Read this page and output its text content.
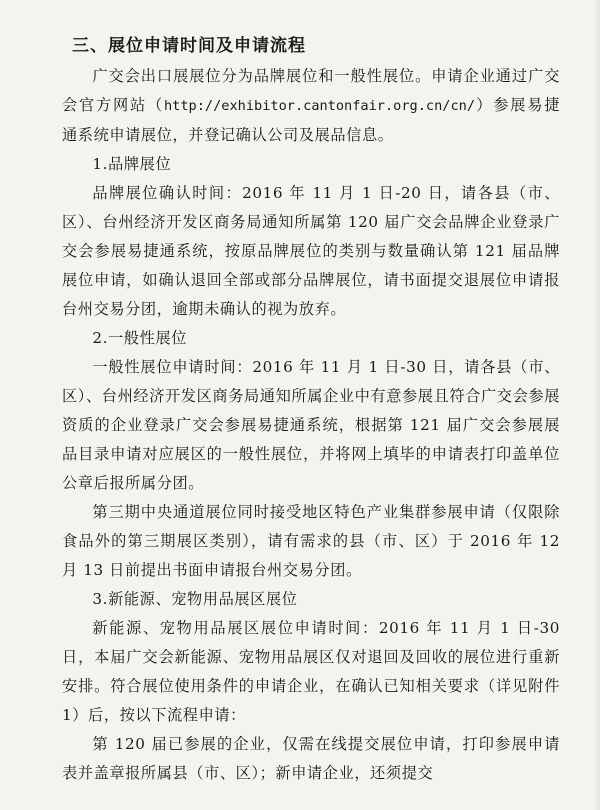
三、展位申请时间及申请流程

广交会出口展展位分为品牌展位和一般性展位。申请企业通过广交会官方网站（http://exhibitor.cantonfair.org.cn/cn/）参展易捷通系统申请展位，并登记确认公司及展品信息。

1.品牌展位

品牌展位确认时间：2016 年 11 月 1 日-20 日，请各县（市、区）、台州经济开发区商务局通知所属第 120 届广交会品牌企业登录广交会参展易捷通系统，按原品牌展位的类别与数量确认第 121 届品牌展位申请，如确认退回全部或部分品牌展位，请书面提交退展位申请报台州交易分团，逾期未确认的视为放弃。

2.一般性展位

一般性展位申请时间：2016 年 11 月 1 日-30 日，请各县（市、区）、台州经济开发区商务局通知所属企业中有意参展且符合广交会参展资质的企业登录广交会参展易捷通系统，根据第 121 届广交会参展展品目录申请对应展区的一般性展位，并将网上填毕的申请表打印盖单位公章后报所属分团。

第三期中央通道展位同时接受地区特色产业集群参展申请（仅限除食品外的第三期展区类别），请有需求的县（市、区）于 2016 年 12 月 13 日前提出书面申请报台州交易分团。

3.新能源、宠物用品展区展位

新能源、宠物用品展区展位申请时间：2016 年 11 月 1 日-30 日，本届广交会新能源、宠物用品展区仅对退回及回收的展位进行重新安排。符合展位使用条件的申请企业，在确认已知相关要求（详见附件 1）后，按以下流程申请：

第 120 届已参展的企业，仅需在线提交展位申请，打印参展申请表并盖章报所属县（市、区）；新申请企业，还须提交
